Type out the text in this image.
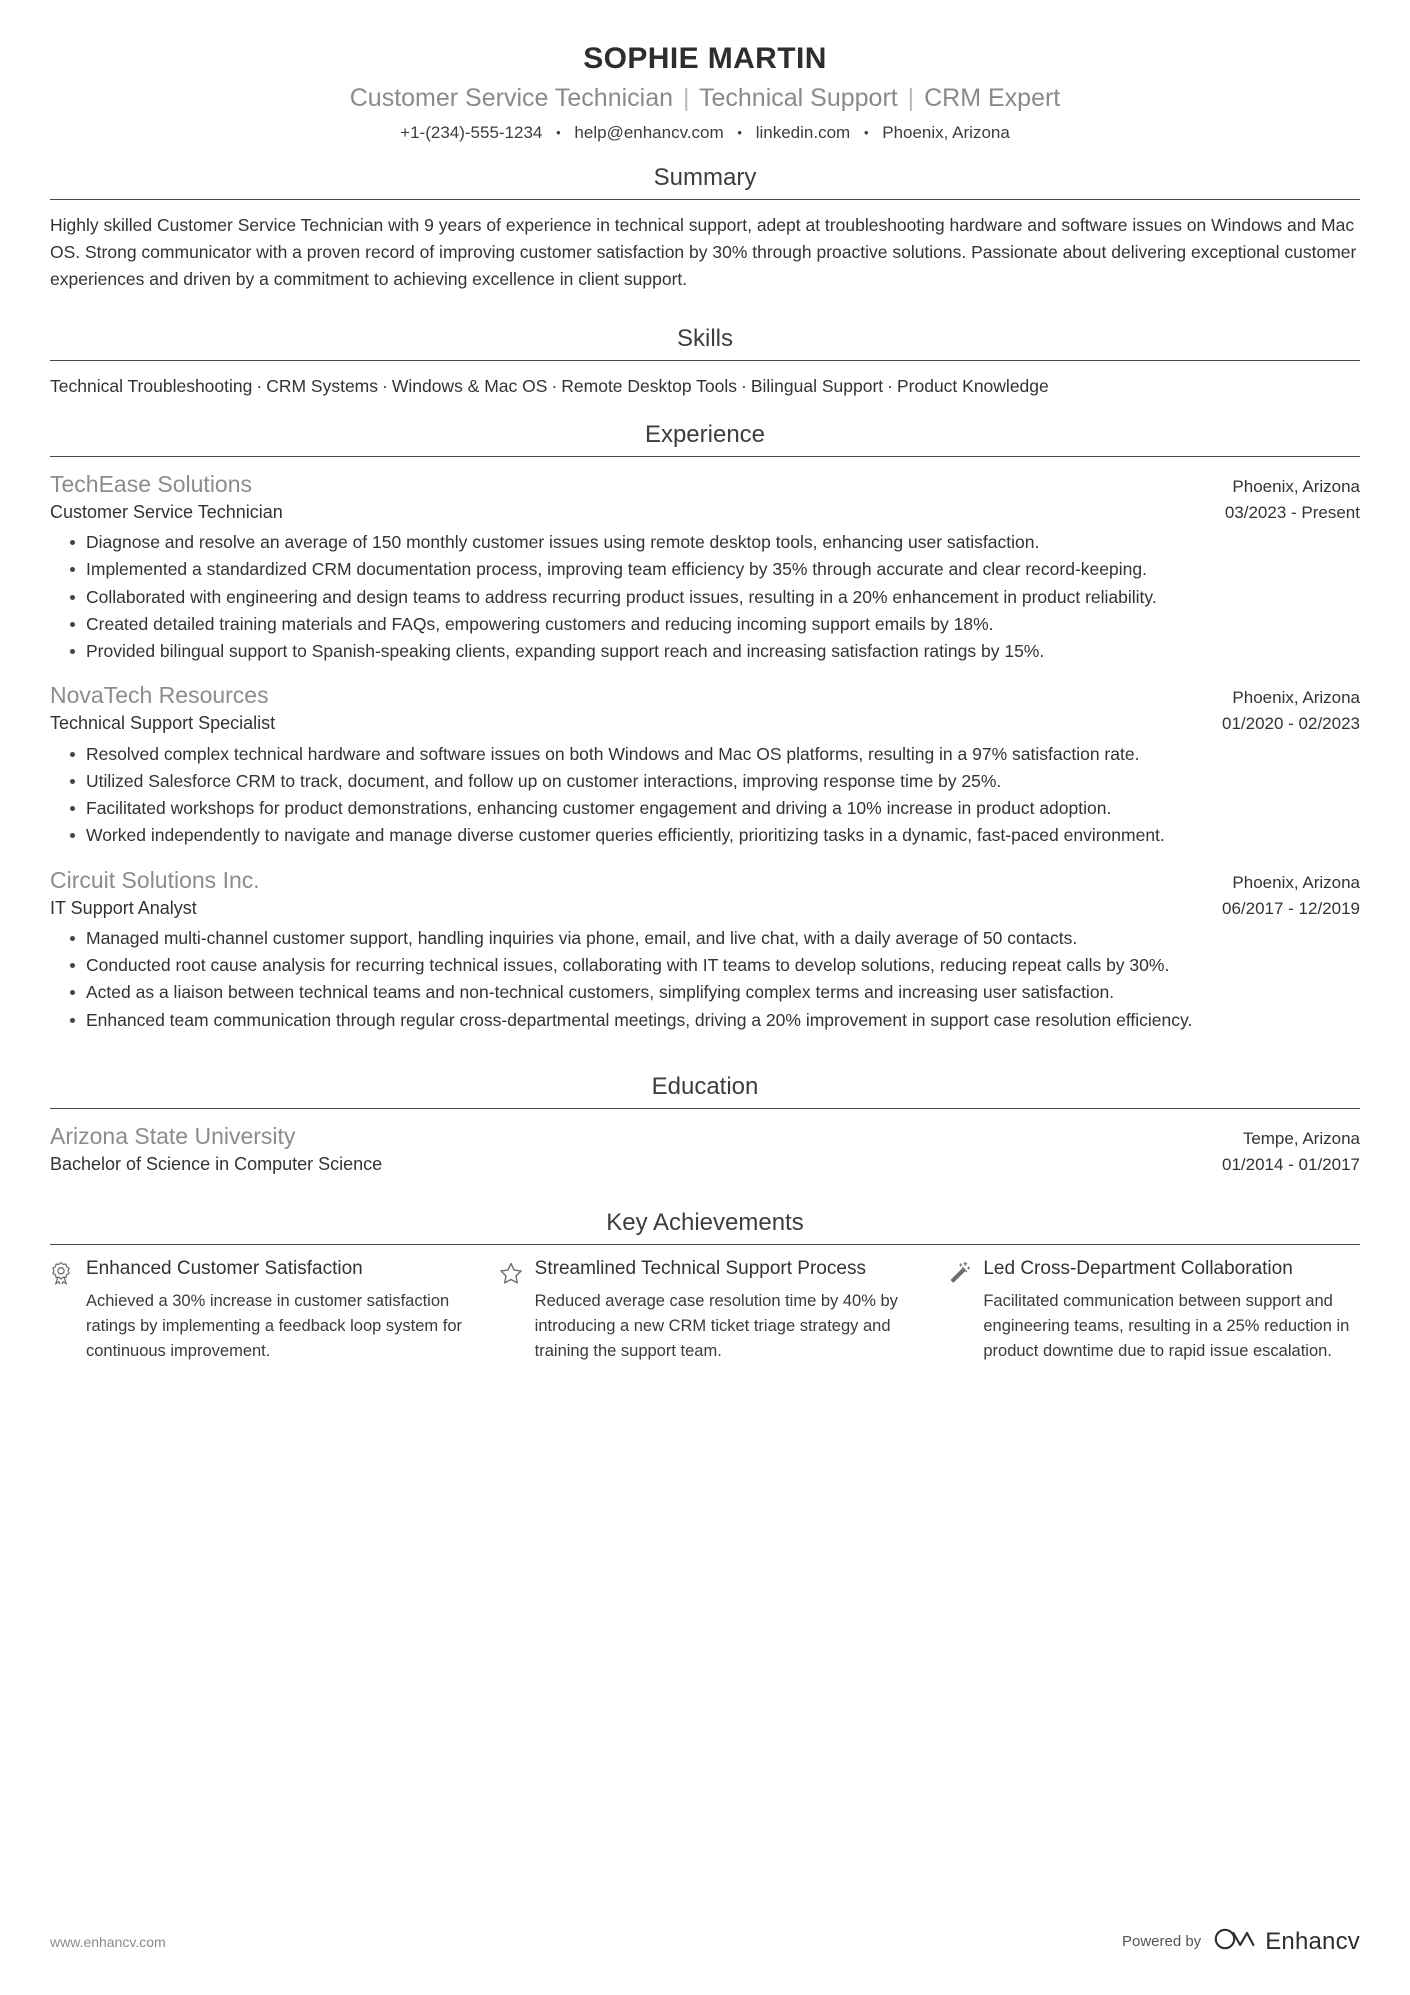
SOPHIE MARTIN
Customer Service Technician | Technical Support | CRM Expert
+1-(234)-555-1234 • help@enhancv.com • linkedin.com • Phoenix, Arizona
Summary
Highly skilled Customer Service Technician with 9 years of experience in technical support, adept at troubleshooting hardware and software issues on Windows and Mac OS. Strong communicator with a proven record of improving customer satisfaction by 30% through proactive solutions. Passionate about delivering exceptional customer experiences and driven by a commitment to achieving excellence in client support.
Skills
Technical Troubleshooting · CRM Systems · Windows & Mac OS · Remote Desktop Tools · Bilingual Support · Product Knowledge
Experience
TechEase Solutions	Phoenix, Arizona
Customer Service Technician	03/2023 - Present
Diagnose and resolve an average of 150 monthly customer issues using remote desktop tools, enhancing user satisfaction.
Implemented a standardized CRM documentation process, improving team efficiency by 35% through accurate and clear record-keeping.
Collaborated with engineering and design teams to address recurring product issues, resulting in a 20% enhancement in product reliability.
Created detailed training materials and FAQs, empowering customers and reducing incoming support emails by 18%.
Provided bilingual support to Spanish-speaking clients, expanding support reach and increasing satisfaction ratings by 15%.
NovaTech Resources	Phoenix, Arizona
Technical Support Specialist	01/2020 - 02/2023
Resolved complex technical hardware and software issues on both Windows and Mac OS platforms, resulting in a 97% satisfaction rate.
Utilized Salesforce CRM to track, document, and follow up on customer interactions, improving response time by 25%.
Facilitated workshops for product demonstrations, enhancing customer engagement and driving a 10% increase in product adoption.
Worked independently to navigate and manage diverse customer queries efficiently, prioritizing tasks in a dynamic, fast-paced environment.
Circuit Solutions Inc.	Phoenix, Arizona
IT Support Analyst	06/2017 - 12/2019
Managed multi-channel customer support, handling inquiries via phone, email, and live chat, with a daily average of 50 contacts.
Conducted root cause analysis for recurring technical issues, collaborating with IT teams to develop solutions, reducing repeat calls by 30%.
Acted as a liaison between technical teams and non-technical customers, simplifying complex terms and increasing user satisfaction.
Enhanced team communication through regular cross-departmental meetings, driving a 20% improvement in support case resolution efficiency.
Education
Arizona State University	Tempe, Arizona
Bachelor of Science in Computer Science	01/2014 - 01/2017
Key Achievements
Enhanced Customer Satisfaction
Achieved a 30% increase in customer satisfaction ratings by implementing a feedback loop system for continuous improvement.
Streamlined Technical Support Process
Reduced average case resolution time by 40% by introducing a new CRM ticket triage strategy and training the support team.
Led Cross-Department Collaboration
Facilitated communication between support and engineering teams, resulting in a 25% reduction in product downtime due to rapid issue escalation.
www.enhancv.com	Powered by	Enhancv
